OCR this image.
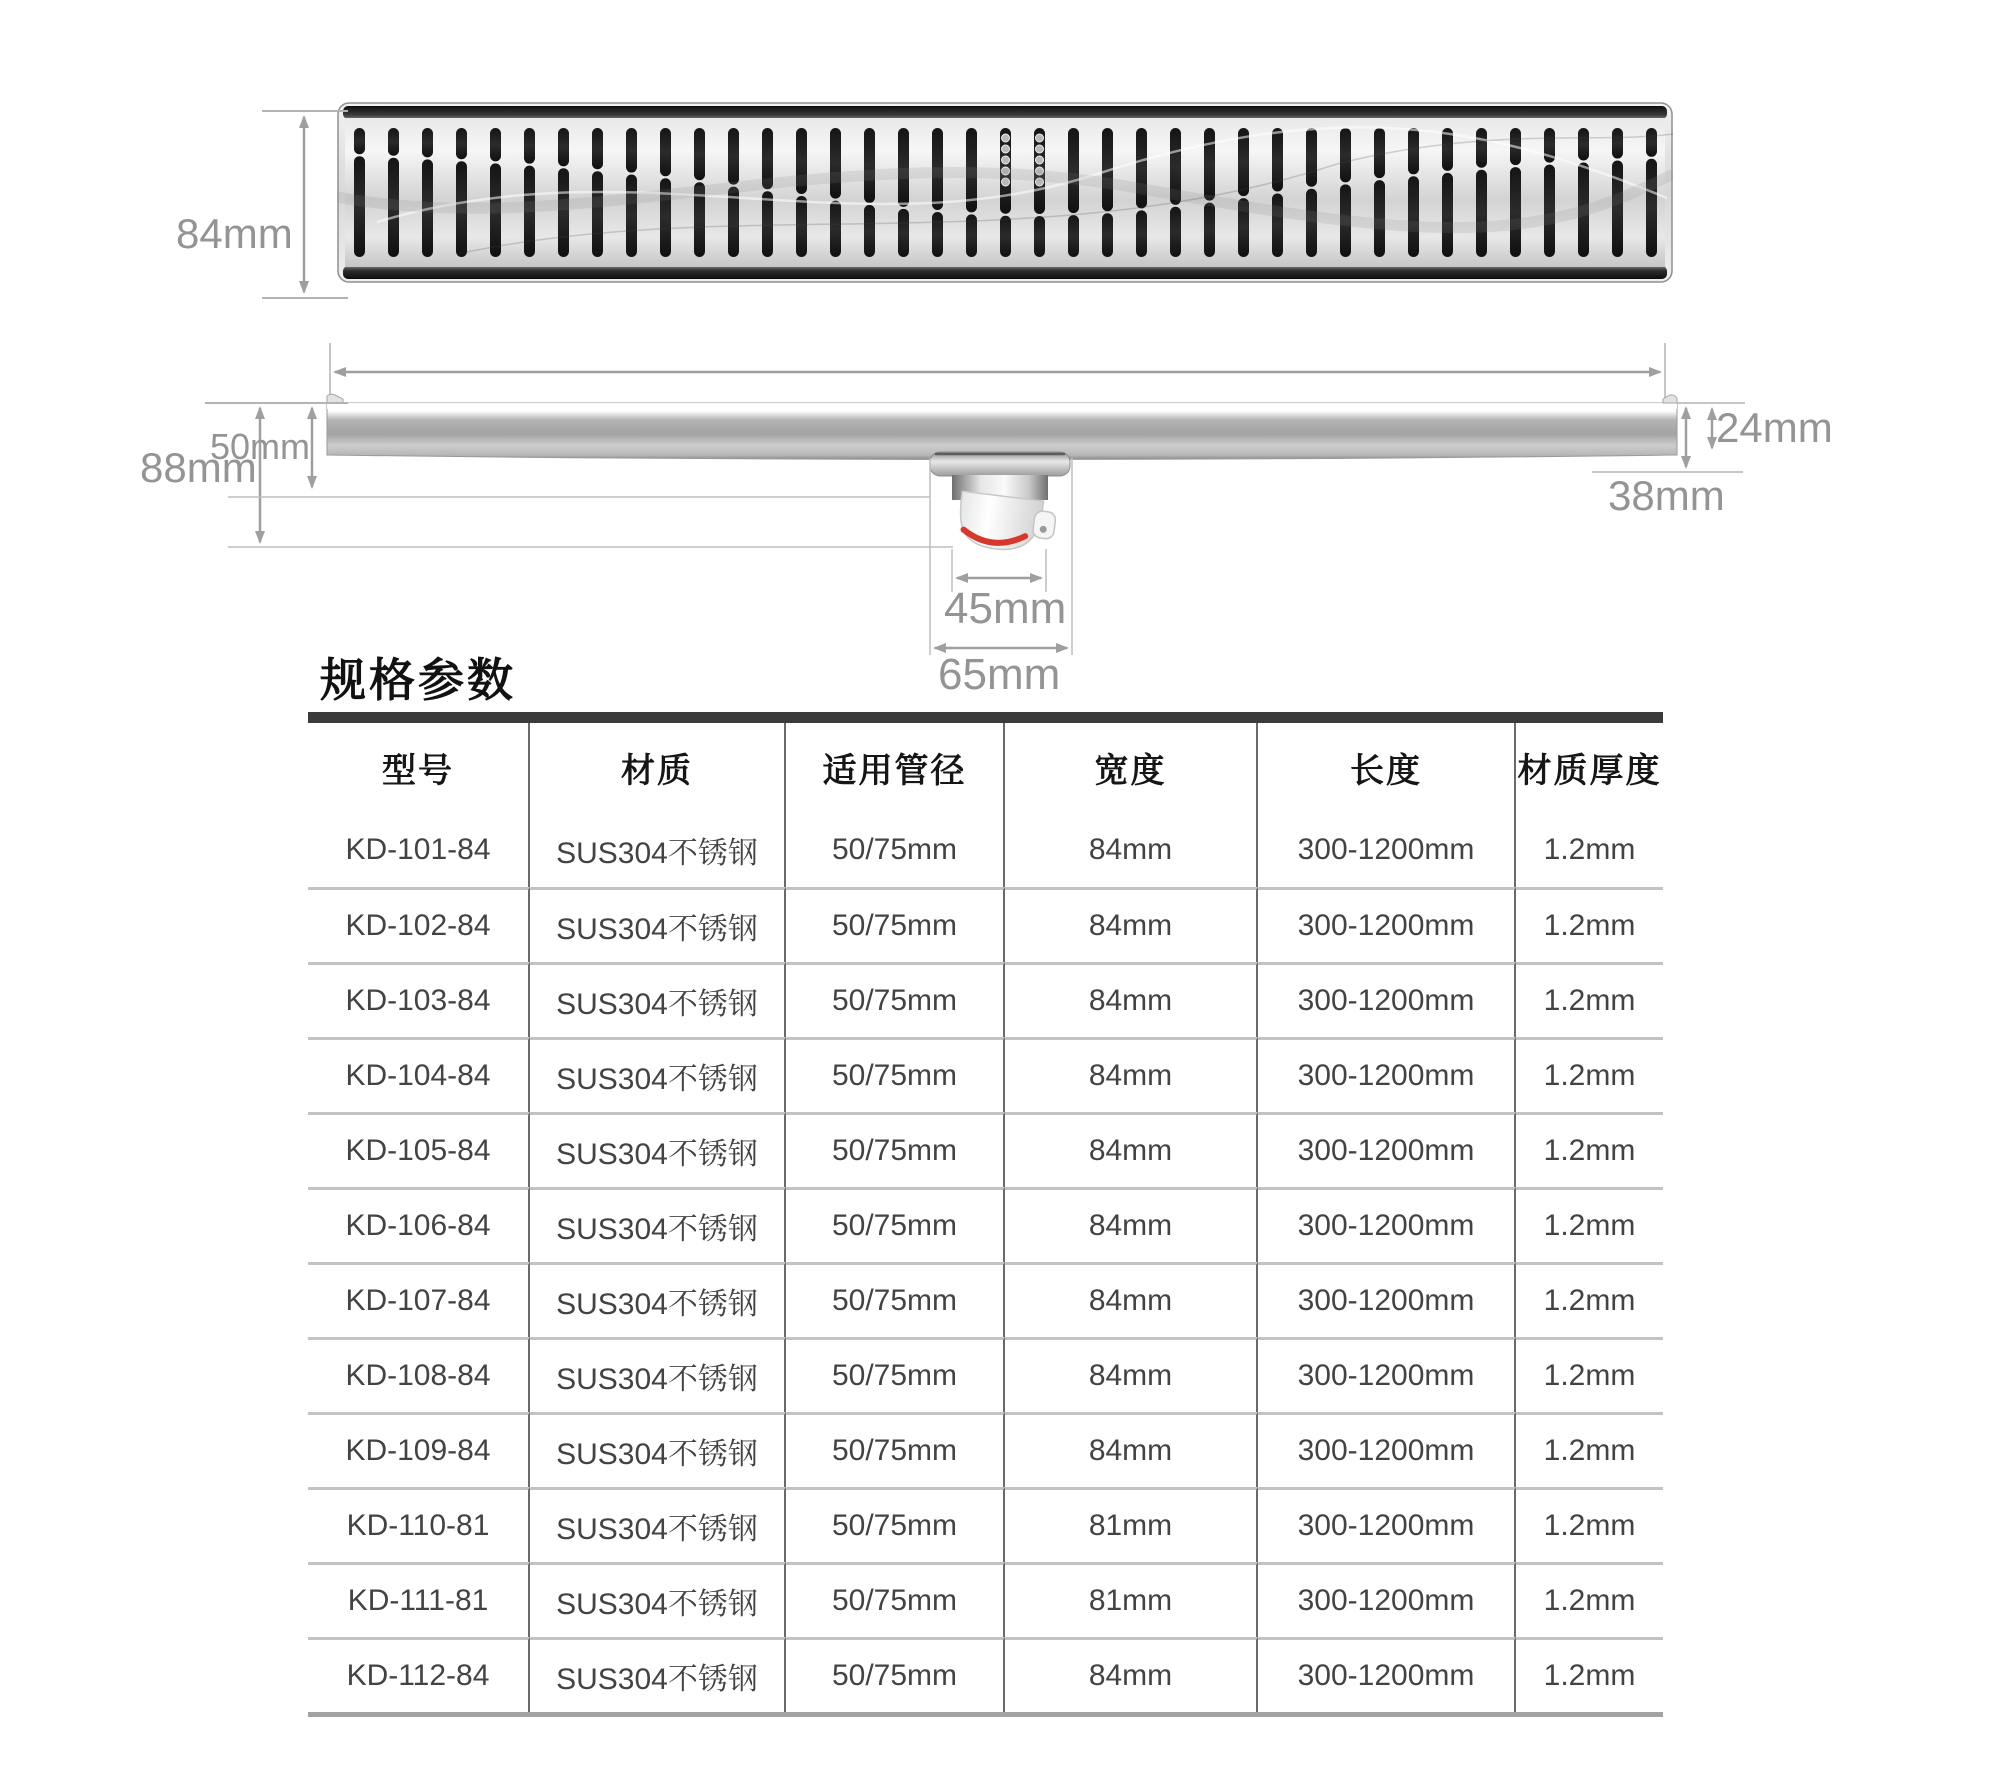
84mm
88mm
50mm	24mm
38mm
45mm
65mm
规格参数
型号	材质	适用管径	宽度	长度	材质厚度
KD-101-84	SUS304不锈钢	50/75mm	84mm	300-1200mm	1.2mm
KD-102-84	SUS304不锈钢	50/75mm	84mm	300-1200mm	1.2mm
KD-103-84	SUS304不锈钢	50/75mm	84mm	300-1200mm	1.2mm
KD-104-84	SUS304不锈钢	50/75mm	84mm	300-1200mm	1.2mm
KD-105-84	SUS304不锈钢	50/75mm	84mm	300-1200mm	1.2mm
KD-106-84	SUS304不锈钢	50/75mm	84mm	300-1200mm	1.2mm
KD-107-84	SUS304不锈钢	50/75mm	84mm	300-1200mm	1.2mm
KD-108-84	SUS304不锈钢	50/75mm	84mm	300-1200mm	1.2mm
KD-109-84	SUS304不锈钢	50/75mm	84mm	300-1200mm	1.2mm
KD-110-81	SUS304不锈钢	50/75mm	81mm	300-1200mm	1.2mm
KD-111-81	SUS304不锈钢	50/75mm	81mm	300-1200mm	1.2mm
KD-112-84	SUS304不锈钢	50/75mm	84mm	300-1200mm	1.2mm
